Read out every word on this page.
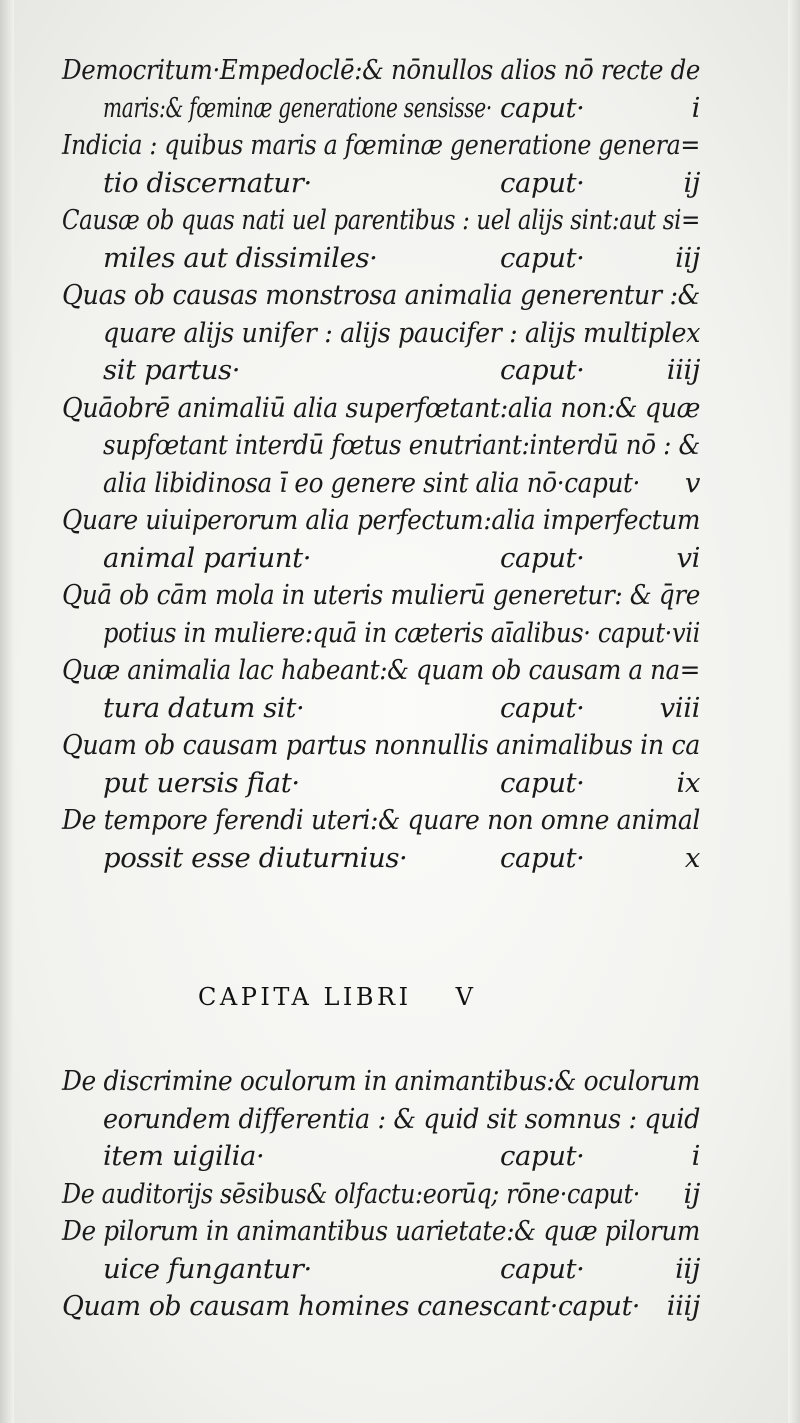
Democritum·Empedoclē:& nōnullos alios nō recte de
maris:& fœminæ generatione sensisse· caput·	i
Indicia : quibus maris a fœminæ generatione genera=
tio discernatur·	caput·	ij
Causæ ob quas nati uel parentibus : uel alijs sint:aut si=
miles aut dissimiles·	caput·	iij
Quas ob causas monstrosa animalia generentur :&
quare alijs unifer : alijs paucifer : alijs multiplex
sit partus·	caput·	iiij
Quāobrē animaliū alia superfœtant:alia non:& quæ
supfœtant interdū fœtus enutriant:interdū nō : &
alia libidinosa ī eo genere sint alia nō·caput· v
Quare uiuiperorum alia perfectum:alia imperfectum
animal pariunt·	caput·	vi
Quā ob cām mola in uteris mulierū generetur: & q̄re
potius in muliere:quā in cæteris aīalibus· caput·vii
Quæ animalia lac habeant:& quam ob causam a na=
tura datum sit·	caput·	viii
Quam ob causam partus nonnullis animalibus in ca
put uersis fiat·	caput·	ix
De tempore ferendi uteri:& quare non omne animal
possit esse diuturnius·	caput·	x
CAPITA LIBRI V
De discrimine oculorum in animantibus:& oculorum
eorundem differentia : & quid sit somnus : quid
item uigilia·	caput·	i
De auditorijs sēsibus& olfactu:eorūq; rōne·caput· ij
De pilorum in animantibus uarietate:& quæ pilorum
uice fungantur·	caput·	iij
Quam ob causam homines canescant·caput· iiij
